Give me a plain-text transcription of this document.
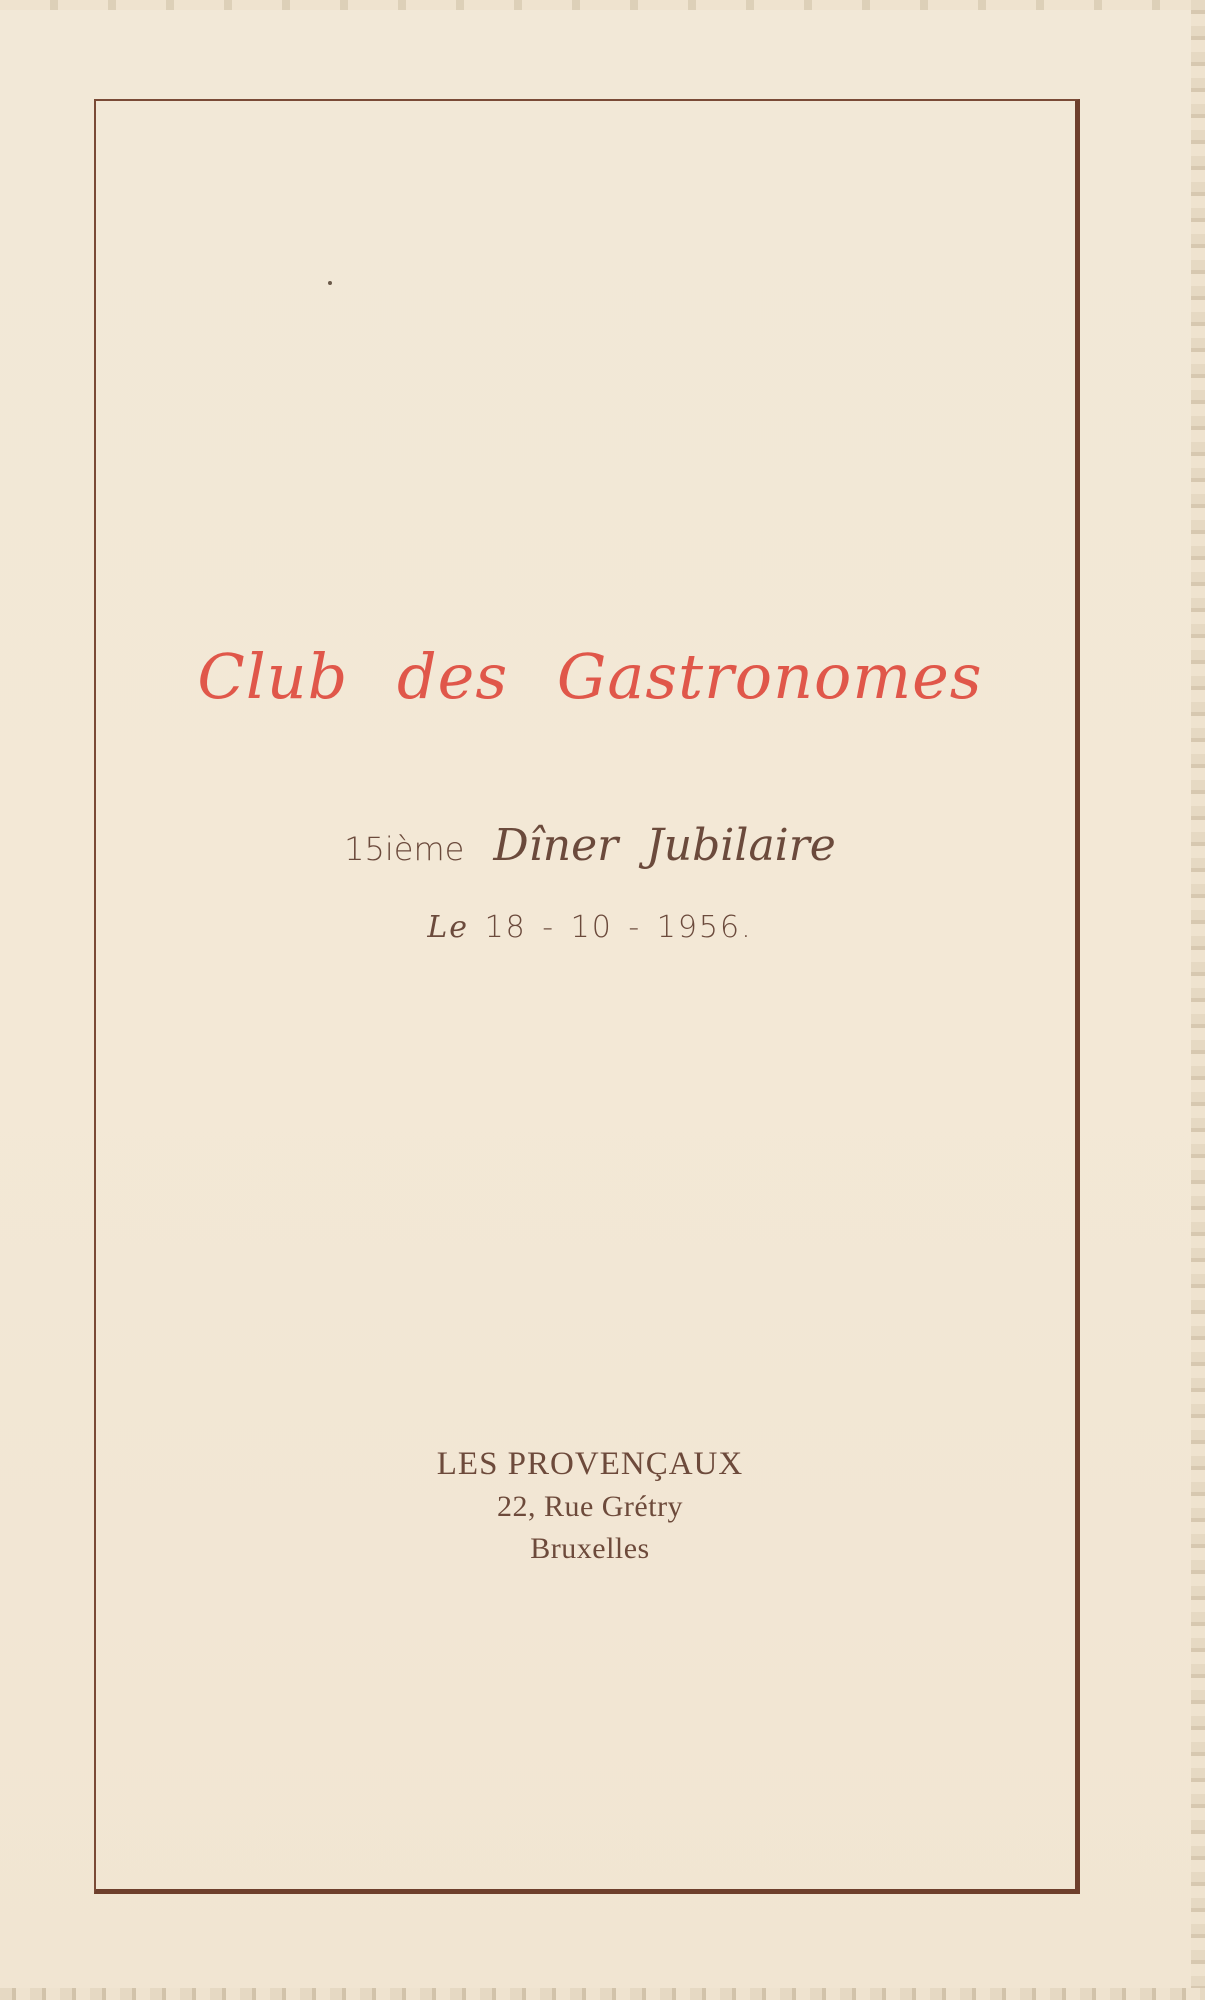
Club des Gastronomes
15ième Dîner Jubilaire
Le 18 - 10 - 1956.
LES PROVENÇAUX
22, Rue Grétry
Bruxelles
